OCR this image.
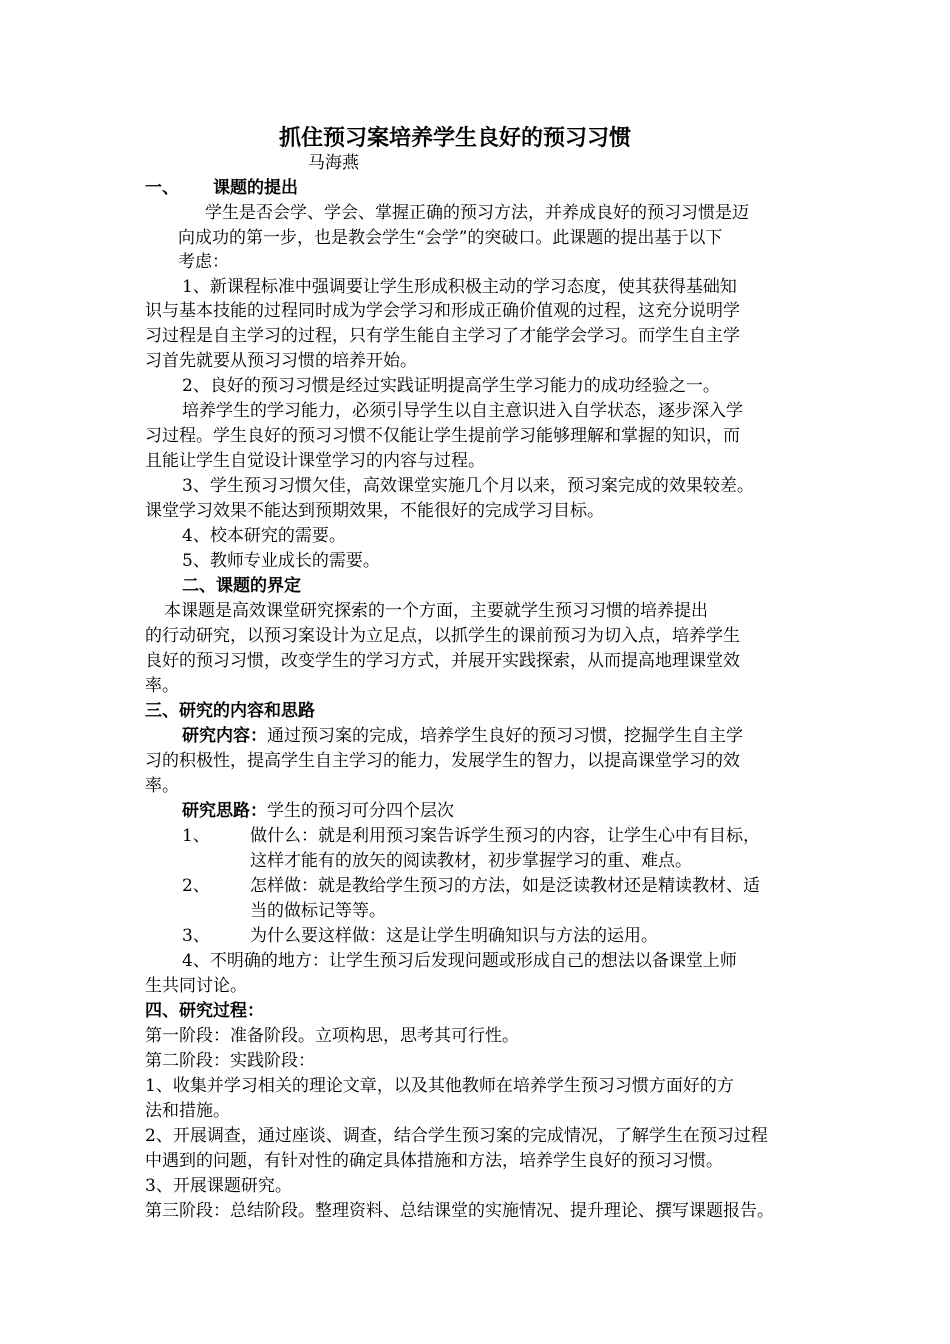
抓住预习案培养学生良好的预习习惯
马海燕
一、 课题的提出
学生是否会学、学会、掌握正确的预习方法，并养成良好的预习习惯是迈
向成功的第一步，也是教会学生“会学”的突破口。此课题的提出基于以下
考虑：
1、新课程标准中强调要让学生形成积极主动的学习态度，使其获得基础知
识与基本技能的过程同时成为学会学习和形成正确价值观的过程，这充分说明学
习过程是自主学习的过程，只有学生能自主学习了才能学会学习。而学生自主学
习首先就要从预习习惯的培养开始。
2、良好的预习习惯是经过实践证明提高学生学习能力的成功经验之一。
培养学生的学习能力，必须引导学生以自主意识进入自学状态，逐步深入学
习过程。学生良好的预习习惯不仅能让学生提前学习能够理解和掌握的知识，而
且能让学生自觉设计课堂学习的内容与过程。
3、学生预习习惯欠佳，高效课堂实施几个月以来，预习案完成的效果较差。
课堂学习效果不能达到预期效果，不能很好的完成学习目标。
4、校本研究的需要。
5、教师专业成长的需要。
二、课题的界定
本课题是高效课堂研究探索的一个方面，主要就学生预习习惯的培养提出
的行动研究，以预习案设计为立足点，以抓学生的课前预习为切入点，培养学生
良好的预习习惯，改变学生的学习方式，并展开实践探索，从而提高地理课堂效
率。
三、研究的内容和思路
研究内容：通过预习案的完成，培养学生良好的预习习惯，挖掘学生自主学
习的积极性，提高学生自主学习的能力，发展学生的智力，以提高课堂学习的效
率。
研究思路：学生的预习可分四个层次
1、 做什么：就是利用预习案告诉学生预习的内容，让学生心中有目标，
这样才能有的放矢的阅读教材，初步掌握学习的重、难点。
2、 怎样做：就是教给学生预习的方法，如是泛读教材还是精读教材、适
当的做标记等等。
3、 为什么要这样做：这是让学生明确知识与方法的运用。
4、不明确的地方：让学生预习后发现问题或形成自己的想法以备课堂上师
生共同讨论。
四、研究过程：
第一阶段：准备阶段。立项构思，思考其可行性。
第二阶段：实践阶段：
1、收集并学习相关的理论文章，以及其他教师在培养学生预习习惯方面好的方
法和措施。
2、开展调查，通过座谈、调查，结合学生预习案的完成情况，了解学生在预习过程
中遇到的问题，有针对性的确定具体措施和方法，培养学生良好的预习习惯。
3、开展课题研究。
第三阶段：总结阶段。整理资料、总结课堂的实施情况、提升理论、撰写课题报告。
